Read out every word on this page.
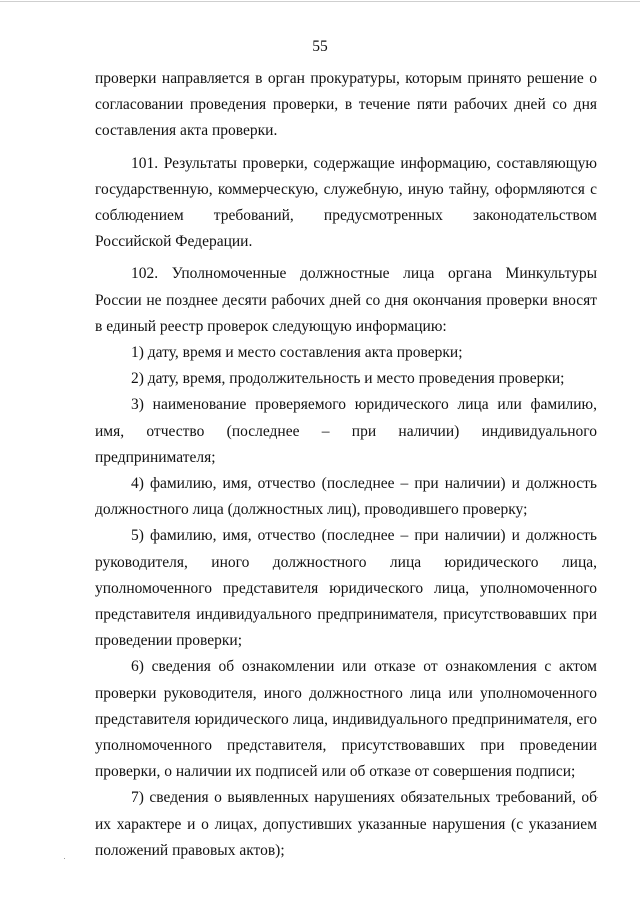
55

проверки направляется в орган прокуратуры, которым принято решение о согласовании проведения проверки, в течение пяти рабочих дней со дня составления акта проверки.

101. Результаты проверки, содержащие информацию, составляющую государственную, коммерческую, служебную, иную тайну, оформляются с соблюдением требований, предусмотренных законодательством Российской Федерации.

102. Уполномоченные должностные лица органа Минкультуры России не позднее десяти рабочих дней со дня окончания проверки вносят в единый реестр проверок следующую информацию:

1) дату, время и место составления акта проверки;

2) дату, время, продолжительность и место проведения проверки;

3) наименование проверяемого юридического лица или фамилию, имя, отчество (последнее – при наличии) индивидуального предпринимателя;

4) фамилию, имя, отчество (последнее – при наличии) и должность должностного лица (должностных лиц), проводившего проверку;

5) фамилию, имя, отчество (последнее – при наличии) и должность руководителя, иного должностного лица юридического лица, уполномоченного представителя юридического лица, уполномоченного представителя индивидуального предпринимателя, присутствовавших при проведении проверки;

6) сведения об ознакомлении или отказе от ознакомления с актом проверки руководителя, иного должностного лица или уполномоченного представителя юридического лица, индивидуального предпринимателя, его уполномоченного представителя, присутствовавших при проведении проверки, о наличии их подписей или об отказе от совершения подписи;

7) сведения о выявленных нарушениях обязательных требований, об их характере и о лицах, допустивших указанные нарушения (с указанием положений правовых актов);
